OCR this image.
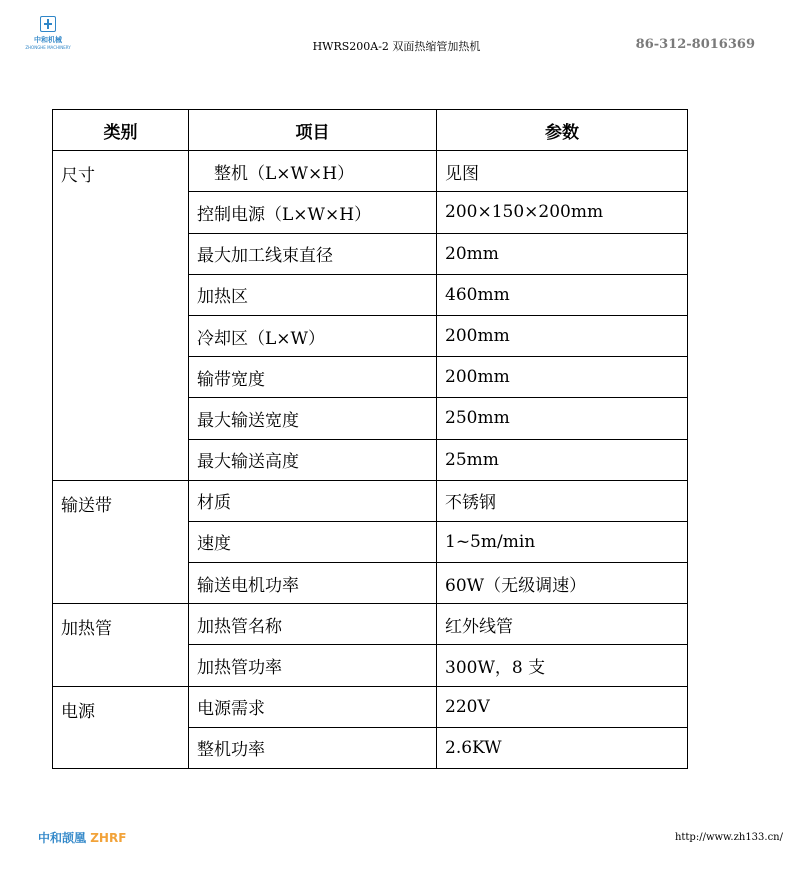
中和机械
ZHONGHE MACHINERY	HWRS200A-2 双面热缩管加热机	86-312-8016369
类别	项目	参数
尺寸	　整机（L×W×H）	见图
	控制电源（L×W×H）	200×150×200mm
	最大加工线束直径	20mm
	加热区	460mm
	冷却区（L×W）	200mm
	输带宽度	200mm
	最大输送宽度	250mm
	最大输送高度	25mm
输送带	材质	不锈钢
	速度	1~5m/min
	输送电机功率	60W（无级调速）
加热管	加热管名称	红外线管
	加热管功率	300W，8 支
电源	电源需求	220V
	整机功率	2.6KW
中和颉凰 ZHRF	http://www.zh133.cn/
